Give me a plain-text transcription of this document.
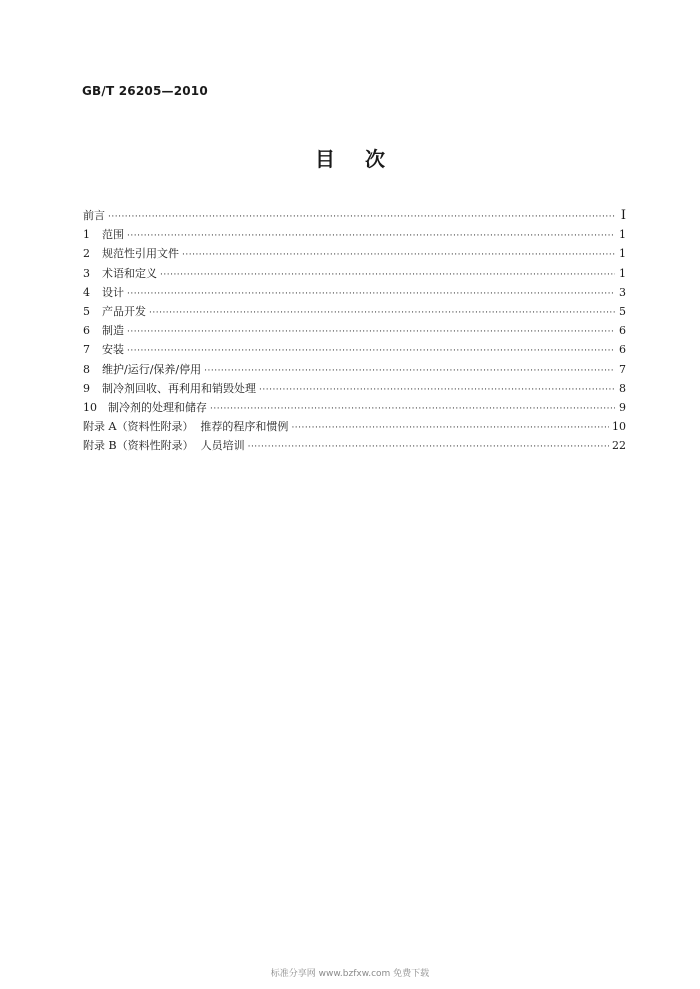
GB/T 26205—2010
目 次
前言 ·····	Ⅰ
1	范围 ·····	1
2	规范性引用文件 ·····	1
3	术语和定义 ·····	1
4	设计 ·····	3
5	产品开发 ·····	5
6	制造 ·····	6
7	安装 ·····	6
8	维护/运行/保养/停用 ·····	7
9	制冷剂回收、再利用和销毁处理 ·····	8
10	制冷剂的处理和储存 ·····	9
附录 A（资料性附录）  推荐的程序和惯例 ·····	10
附录 B（资料性附录）  人员培训 ·····	22
标准分享网 www.bzfxw.com 免费下载
